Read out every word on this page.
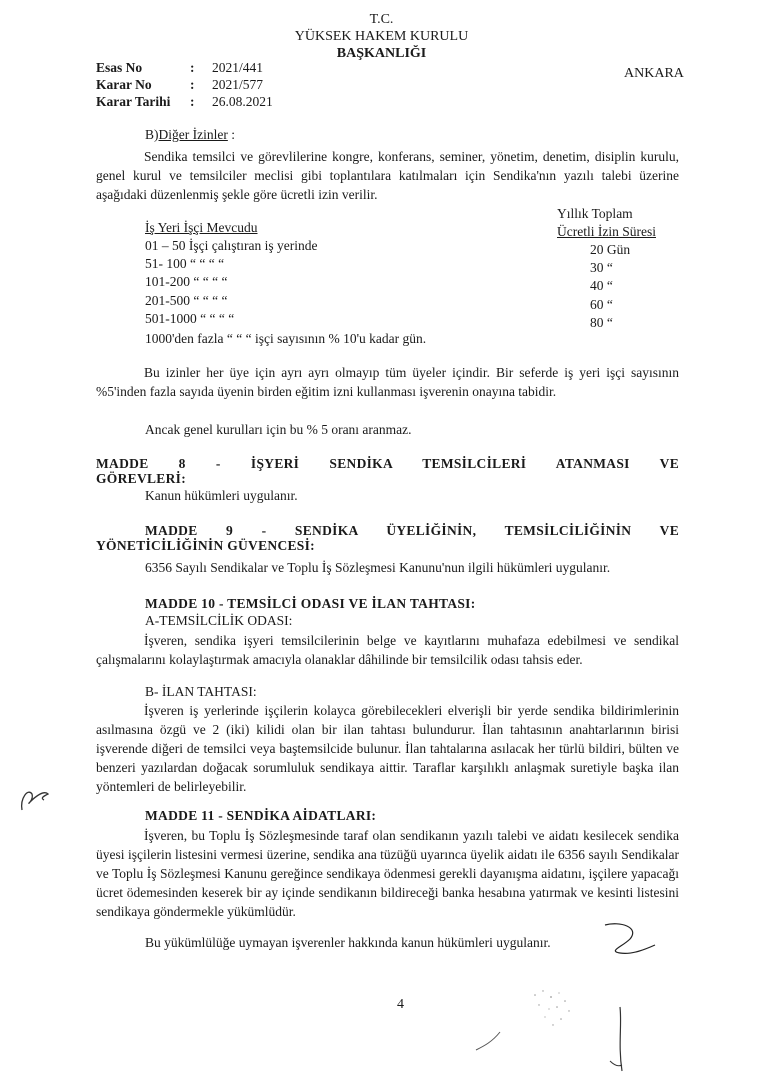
T.C.
YÜKSEK HAKEM KURULU
BAŞKANLIĞI
ANKARA
Esas No	: 2021/441
Karar No	: 2021/577
Karar Tarihi : 26.08.2021
B)Diğer İzinler :
Sendika temsilci ve görevlilerine kongre, konferans, seminer, yönetim, denetim, disiplin kurulu, genel kurul ve temsilciler meclisi gibi toplantılara katılmaları için Sendika'nın yazılı talebi üzerine aşağıdaki düzenlenmiş şekle göre ücretli izin verilir.
Yıllık Toplam
Ücretli İzin Süresi
İş Yeri İşçi Mevcudu
01 – 50 İşçi çalıştıran iş yerinde	20 Gün
51- 100 “ “ “ “	30 “
101-200 “ “ “ “	40 “
201-500 “ “ “ “	60 “
501-1000 “ “ “ “	80 “
1000'den fazla “ “ “ işçi sayısının % 10'u kadar gün.
Bu izinler her üye için ayrı ayrı olmayıp tüm üyeler içindir. Bir seferde iş yeri işçi sayısının %5'inden fazla sayıda üyenin birden eğitim izni kullanması işverenin onayına tabidir.
Ancak genel kurulları için bu % 5 oranı aranmaz.
MADDE 8 - İŞYERİ SENDİKA TEMSİLCİLERİ ATANMASI VE
GÖREVLERİ:
Kanun hükümleri uygulanır.
MADDE 9 - SENDİKA ÜYELİĞİNİN, TEMSİLCİLİĞİNİN VE
YÖNETİCİLİĞİNİN GÜVENCESİ:
6356 Sayılı Sendikalar ve Toplu İş Sözleşmesi Kanunu'nun ilgili hükümleri uygulanır.
MADDE 10 - TEMSİLCİ ODASI VE İLAN TAHTASI:
A-TEMSİLCİLİK ODASI:
İşveren, sendika işyeri temsilcilerinin belge ve kayıtlarını muhafaza edebilmesi ve sendikal çalışmalarını kolaylaştırmak amacıyla olanaklar dâhilinde bir temsilcilik odası tahsis eder.
B- İLAN TAHTASI:
İşveren iş yerlerinde işçilerin kolayca görebilecekleri elverişli bir yerde sendika bildirimlerinin asılmasına özgü ve 2 (iki) kilidi olan bir ilan tahtası bulundurur. İlan tahtasının anahtarlarının birisi işverende diğeri de temsilci veya baştemsilcide bulunur. İlan tahtalarına asılacak her türlü bildiri, bülten ve benzeri yazılardan doğacak sorumluluk sendikaya aittir. Taraflar karşılıklı anlaşmak suretiyle başka ilan yöntemleri de belirleyebilir.
MADDE 11 - SENDİKA AİDATLARI:
İşveren, bu Toplu İş Sözleşmesinde taraf olan sendikanın yazılı talebi ve aidatı kesilecek sendika üyesi işçilerin listesini vermesi üzerine, sendika ana tüzüğü uyarınca üyelik aidatı ile 6356 sayılı Sendikalar ve Toplu İş Sözleşmesi Kanunu gereğince sendikaya ödenmesi gerekli dayanışma aidatını, işçilere yapacağı ücret ödemesinden keserek bir ay içinde sendikanın bildireceği banka hesabına yatırmak ve kesinti listesini sendikaya göndermekle yükümlüdür.
Bu yükümlülüğe uymayan işverenler hakkında kanun hükümleri uygulanır.
4
